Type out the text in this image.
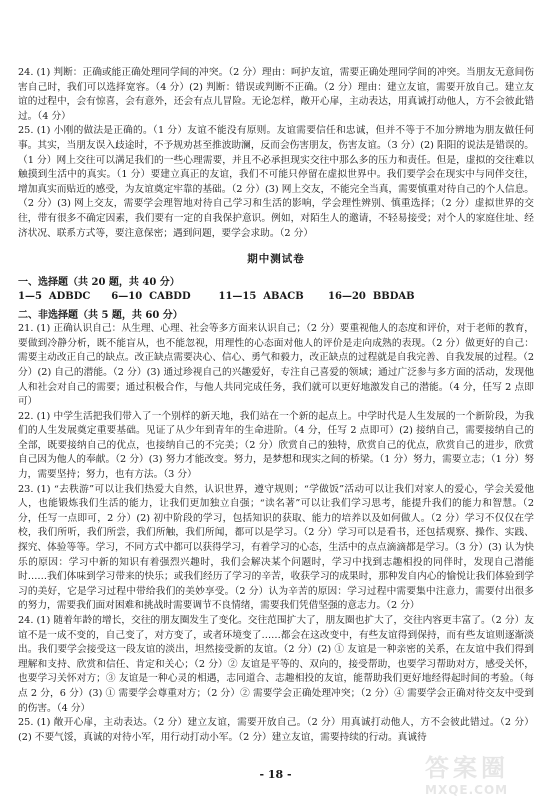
24. (1) 判断：正确或能正确处理同学间的冲突。（2 分）理由：呵护友谊，需要正确处理同学间的冲突。当朋友无意间伤害自己时，我们可以选择宽容。（4 分）(2) 判断：错误或判断不正确。（2 分）理由：建立友谊，需要开放自己。建立友谊的过程中，会有惊喜，会有意外，还会有点儿冒险。无论怎样，敞开心扉，主动表达，用真诚打动他人，方不会彼此错过。（4 分）

25. (1) 小刚的做法是正确的。（1 分）友谊不能没有原则。友谊需要信任和忠诚，但并不等于不加分辨地为朋友做任何事。其实，当朋友误入歧途时，不予规劝甚至推波助澜，反而会伤害朋友，伤害友谊。（3 分）(2) 阳阳的说法是错误的。（1 分）网上交往可以满足我们的一些心理需要，并且不必承担现实交往中那么多的压力和责任。但是，虚拟的交往难以触摸到生活中的真实。（1 分）要建立真正的友谊，我们不可能只停留在虚拟世界中。我们要学会在现实中与同伴交往，增加真实而贴近的感受，为友谊奠定牢靠的基础。（2 分）(3) 网上交友，不能完全当真，需要慎重对待自己的个人信息。（2 分）(3) 网上交友，需要学会理智地对待自己学习和生活的影响，学会理性辨别、慎重选择；（2 分）虚拟世界的交往，带有很多不确定因素，我们要有一定的自我保护意识。例如，对陌生人的邀请，不轻易接受；对个人的家庭住址、经济状况、联系方式等，要注意保密；遇到问题，要学会求助。（2 分）

期中测试卷
一、选择题（共 20 题，共 40 分）
1—5  ADBDC      6—10  CABDD        11—15  ABACB       16—20  BBDAB
二、非选择题（共 5 题，共 60 分）

21. (1) 正确认识自己：从生理、心理、社会等多方面来认识自己；（2 分）要重视他人的态度和评价，对于老师的教育，要做到冷静分析，既不能盲从，也不能忽视，用理性的心态面对他人的评价是走向成熟的表现。（2 分）做更好的自己：需要主动改正自己的缺点。改正缺点需要决心、信心、勇气和毅力，改正缺点的过程就是自我完善、自我发展的过程。（2 分）(2) 自己的潜能。（2 分）(3) 通过珍视自己的兴趣爱好，专注自己喜爱的领域；通过广泛参与多方面的活动，发现他人和社会对自己的需要；通过积极合作，与他人共同完成任务，我们就可以更好地激发自己的潜能。（4 分，任写 2 点即可）

22. (1) 中学生活把我们带入了一个别样的新天地，我们站在一个新的起点上。中学时代是人生发展的一个新阶段，为我们的人生发展奠定重要基础。见证了从少年到青年的生命进阶。（4 分，任写 2 点即可）(2) 接纳自己，需要接纳自己的全部，既要接纳自己的优点，也接纳自己的不完美；（2 分）欣赏自己的独特，欣赏自己的优点，欣赏自己的进步，欣赏自己因为他人的奉献。（2 分）(3) 努力才能改变。努力，是梦想和现实之间的桥梁。（1 分）努力，需要立志；（1 分）努力，需要坚持；努力，也有方法。（3 分）

23. (1) “去秩游”可以让我们热爱大自然，认识世界，遵守规则；“学做饭”活动可以让我们对家人的爱心，学会关爱他人，也能锻炼我们生活的能力，让我们更加独立自强；“读名著”可以让我们学习思考，能提升我们的能力和智慧。（2 分，任写一点即可，2 分）(2) 初中阶段的学习，包括知识的获取、能力的培养以及如何做人。（2 分）学习不仅仅在学校，我们所听，我们所尝，我们所触，我们所闻，都可以是学习。（2 分）学习可以是看书，还包括观察、操作、实践、探究、体验等等。学习，不同方式中都可以获得学习，有着学习的心态，生活中的点点滴滴都是学习。（3 分）(3) 认为快乐的原因：学习中新的知识有着强烈兴趣时，我们会解决某个问题时，学习中找到志趣相投的同伴时，发现自己潜能时……我们体味到学习带来的快乐；或我们经历了学习的辛苦，收获学习的成果时，那种发自内心的愉悦让我们体验到学习的美好，它是学习过程中带给我们的美妙享受。（2 分）认为辛苦的原因：学习过程中需要集中注意力，需要付出很多的努力，需要我们面对困难和挑战时需要调节不良情绪，需要我们凭借坚强的意志力。（2 分）

24. (1) 随着年龄的增长，交往的朋友圈发生了变化。交往范围扩大了，朋友圈也扩大了，交往内容更丰富了。（2 分）友谊不是一成不变的，自己变了，对方变了，或者环境变了……都会在这改变中，有些友谊得到保持，而有些友谊则逐渐淡出。我们要学会接受这一段友谊的淡出，坦然接受新的友谊。（2 分）(2) ① 友谊是一种亲密的关系，在友谊中我们得到理解和支持、欣赏和信任、肯定和关心；（2 分）② 友谊是平等的、双向的，接受帮助，也要学习帮助对方，感受关怀，也要学习关怀对方；③ 友谊是一种心灵的相遇，志同道合、志趣相投的友谊，能帮助我们更好地经得起时间的考验。（每点 2 分，6 分）(3) ① 需要学会尊重对方；（2 分）② 需要学会正确处理冲突；（2 分）④ 需要学会正确对待交友中受到的伤害。（4 分）

25. (1) 敞开心扉，主动表达。（2 分）建立友谊，需要开放自己。（2 分）用真诚打动他人，方不会彼此错过。（2 分）(2) 不要气馁，真诚的对待小军，用行动打动小军。（2 分）建立友谊，需要持续的行动。真诚待

- 18 -	答案圈
MXQE.COM
